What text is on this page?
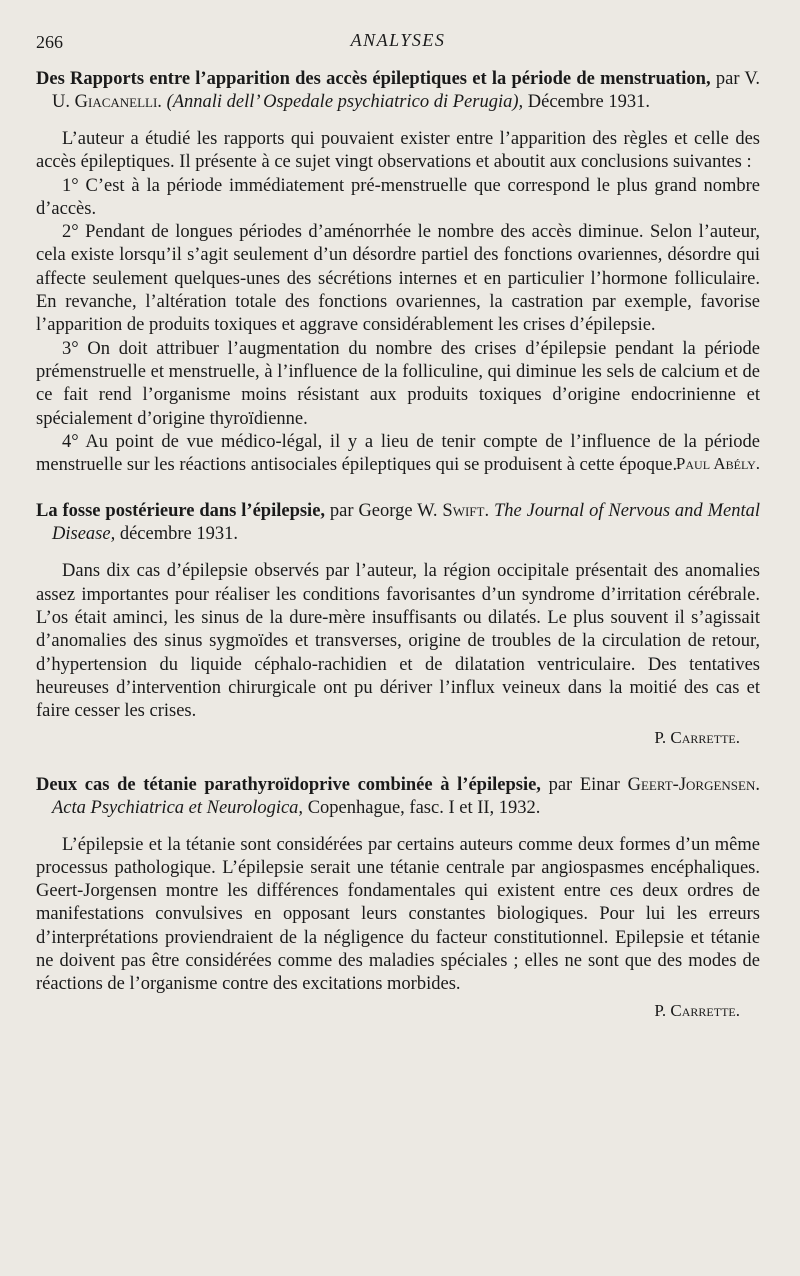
266	ANALYSES

Des Rapports entre l’apparition des accès épileptiques et la période de menstruation, par V. U. Giacanelli. (Annali dell’ Ospedale psychiatrico di Perugia), Décembre 1931.

L’auteur a étudié les rapports qui pouvaient exister entre l’apparition des règles et celle des accès épileptiques. Il présente à ce sujet vingt observations et aboutit aux conclusions suivantes :

1° C’est à la période immédiatement pré-menstruelle que correspond le plus grand nombre d’accès.

2° Pendant de longues périodes d’aménorrhée le nombre des accès diminue. Selon l’auteur, cela existe lorsqu’il s’agit seulement d’un désordre partiel des fonctions ovariennes, désordre qui affecte seulement quelques-unes des sécrétions internes et en particulier l’hormone folliculaire. En revanche, l’altération totale des fonctions ovariennes, la castration par exemple, favorise l’apparition de produits toxiques et aggrave considérablement les crises d’épilepsie.

3° On doit attribuer l’augmentation du nombre des crises d’épilepsie pendant la période prémenstruelle et menstruelle, à l’influence de la folliculine, qui diminue les sels de calcium et de ce fait rend l’organisme moins résistant aux produits toxiques d’origine endocrinienne et spécialement d’origine thyroïdienne.

4° Au point de vue médico-légal, il y a lieu de tenir compte de l’influence de la période menstruelle sur les réactions antisociales épileptiques qui se produisent à cette époque.

Paul Abély.

La fosse postérieure dans l’épilepsie, par George W. Swift. The Journal of Nervous and Mental Disease, décembre 1931.

Dans dix cas d’épilepsie observés par l’auteur, la région occipitale présentait des anomalies assez importantes pour réaliser les conditions favorisantes d’un syndrome d’irritation cérébrale. L’os était aminci, les sinus de la dure-mère insuffisants ou dilatés. Le plus souvent il s’agissait d’anomalies des sinus sygmoïdes et transverses, origine de troubles de la circulation de retour, d’hypertension du liquide céphalo-rachidien et de dilatation ventriculaire. Des tentatives heureuses d’intervention chirurgicale ont pu dériver l’influx veineux dans la moitié des cas et faire cesser les crises.

P. Carrette.

Deux cas de tétanie parathyroïdoprive combinée à l’épilepsie, par Einar Geert-Jorgensen. Acta Psychiatrica et Neurologica, Copenhague, fasc. I et II, 1932.

L’épilepsie et la tétanie sont considérées par certains auteurs comme deux formes d’un même processus pathologique. L’épilepsie serait une tétanie centrale par angiospasmes encéphaliques. Geert-Jorgensen montre les différences fondamentales qui existent entre ces deux ordres de manifestations convulsives en opposant leurs constantes biologiques. Pour lui les erreurs d’interprétations proviendraient de la négligence du facteur constitutionnel. Epilepsie et tétanie ne doivent pas être considérées comme des maladies spéciales ; elles ne sont que des modes de réactions de l’organisme contre des excitations morbides.

P. Carrette.
